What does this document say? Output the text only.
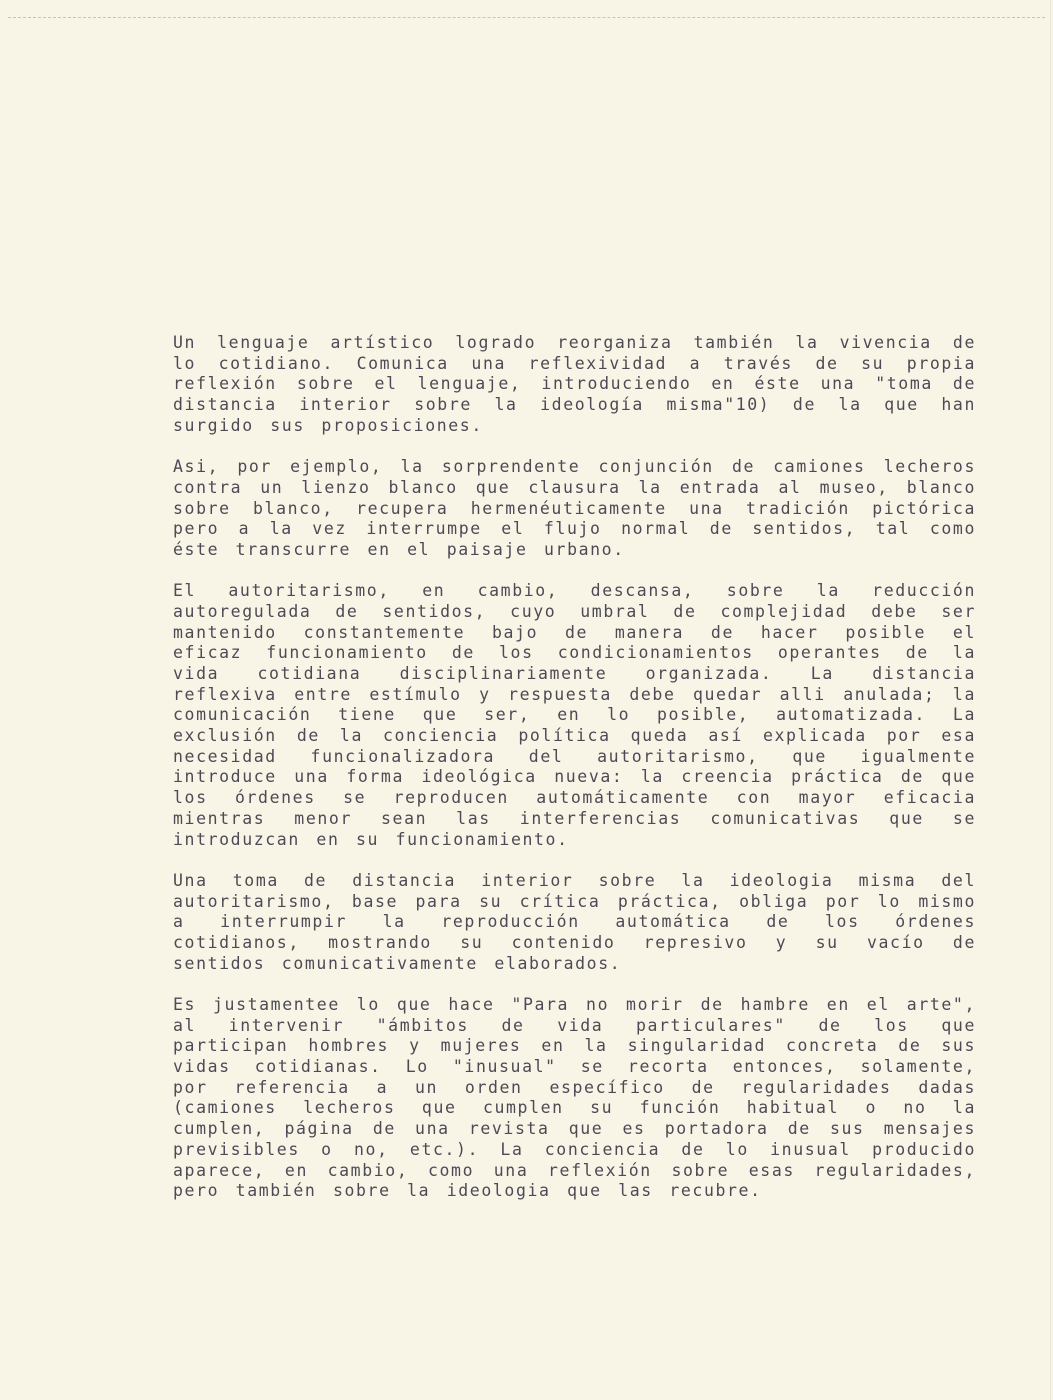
Un lenguaje artístico logrado reorganiza también la vivencia de
lo cotidiano. Comunica una reflexividad a través de su propia
reflexión sobre el lenguaje, introduciendo en éste una "toma de
distancia interior sobre la ideología misma"10) de la que han
surgido sus proposiciones.

Asi, por ejemplo, la sorprendente conjunción de camiones lecheros
contra un lienzo blanco que clausura la entrada al museo, blanco
sobre blanco, recupera hermenéuticamente una tradición pictórica
pero a la vez interrumpe el flujo normal de sentidos, tal como
éste transcurre en el paisaje urbano.

El autoritarismo, en cambio, descansa, sobre la reducción
autoregulada de sentidos, cuyo umbral de complejidad debe ser
mantenido constantemente bajo de manera de hacer posible el
eficaz funcionamiento de los condicionamientos operantes de la
vida cotidiana disciplinariamente organizada. La distancia
reflexiva entre estímulo y respuesta debe quedar alli anulada; la
comunicación tiene que ser, en lo posible, automatizada. La
exclusión de la conciencia política queda así explicada por esa
necesidad funcionalizadora del autoritarismo, que igualmente
introduce una forma ideológica nueva: la creencia práctica de que
los órdenes se reproducen automáticamente con mayor eficacia
mientras menor sean las interferencias comunicativas que se
introduzcan en su funcionamiento.

Una toma de distancia interior sobre la ideologia misma del
autoritarismo, base para su crítica práctica, obliga por lo mismo
a interrumpir la reproducción automática de los órdenes
cotidianos, mostrando su contenido represivo y su vacío de
sentidos comunicativamente elaborados.

Es justamentee lo que hace "Para no morir de hambre en el arte",
al intervenir "ámbitos de vida particulares" de los que
participan hombres y mujeres en la singularidad concreta de sus
vidas cotidianas. Lo "inusual" se recorta entonces, solamente,
por referencia a un orden específico de regularidades dadas
(camiones lecheros que cumplen su función habitual o no la
cumplen, página de una revista que es portadora de sus mensajes
previsibles o no, etc.). La conciencia de lo inusual producido
aparece, en cambio, como una reflexión sobre esas regularidades,
pero también sobre la ideologia que las recubre.
